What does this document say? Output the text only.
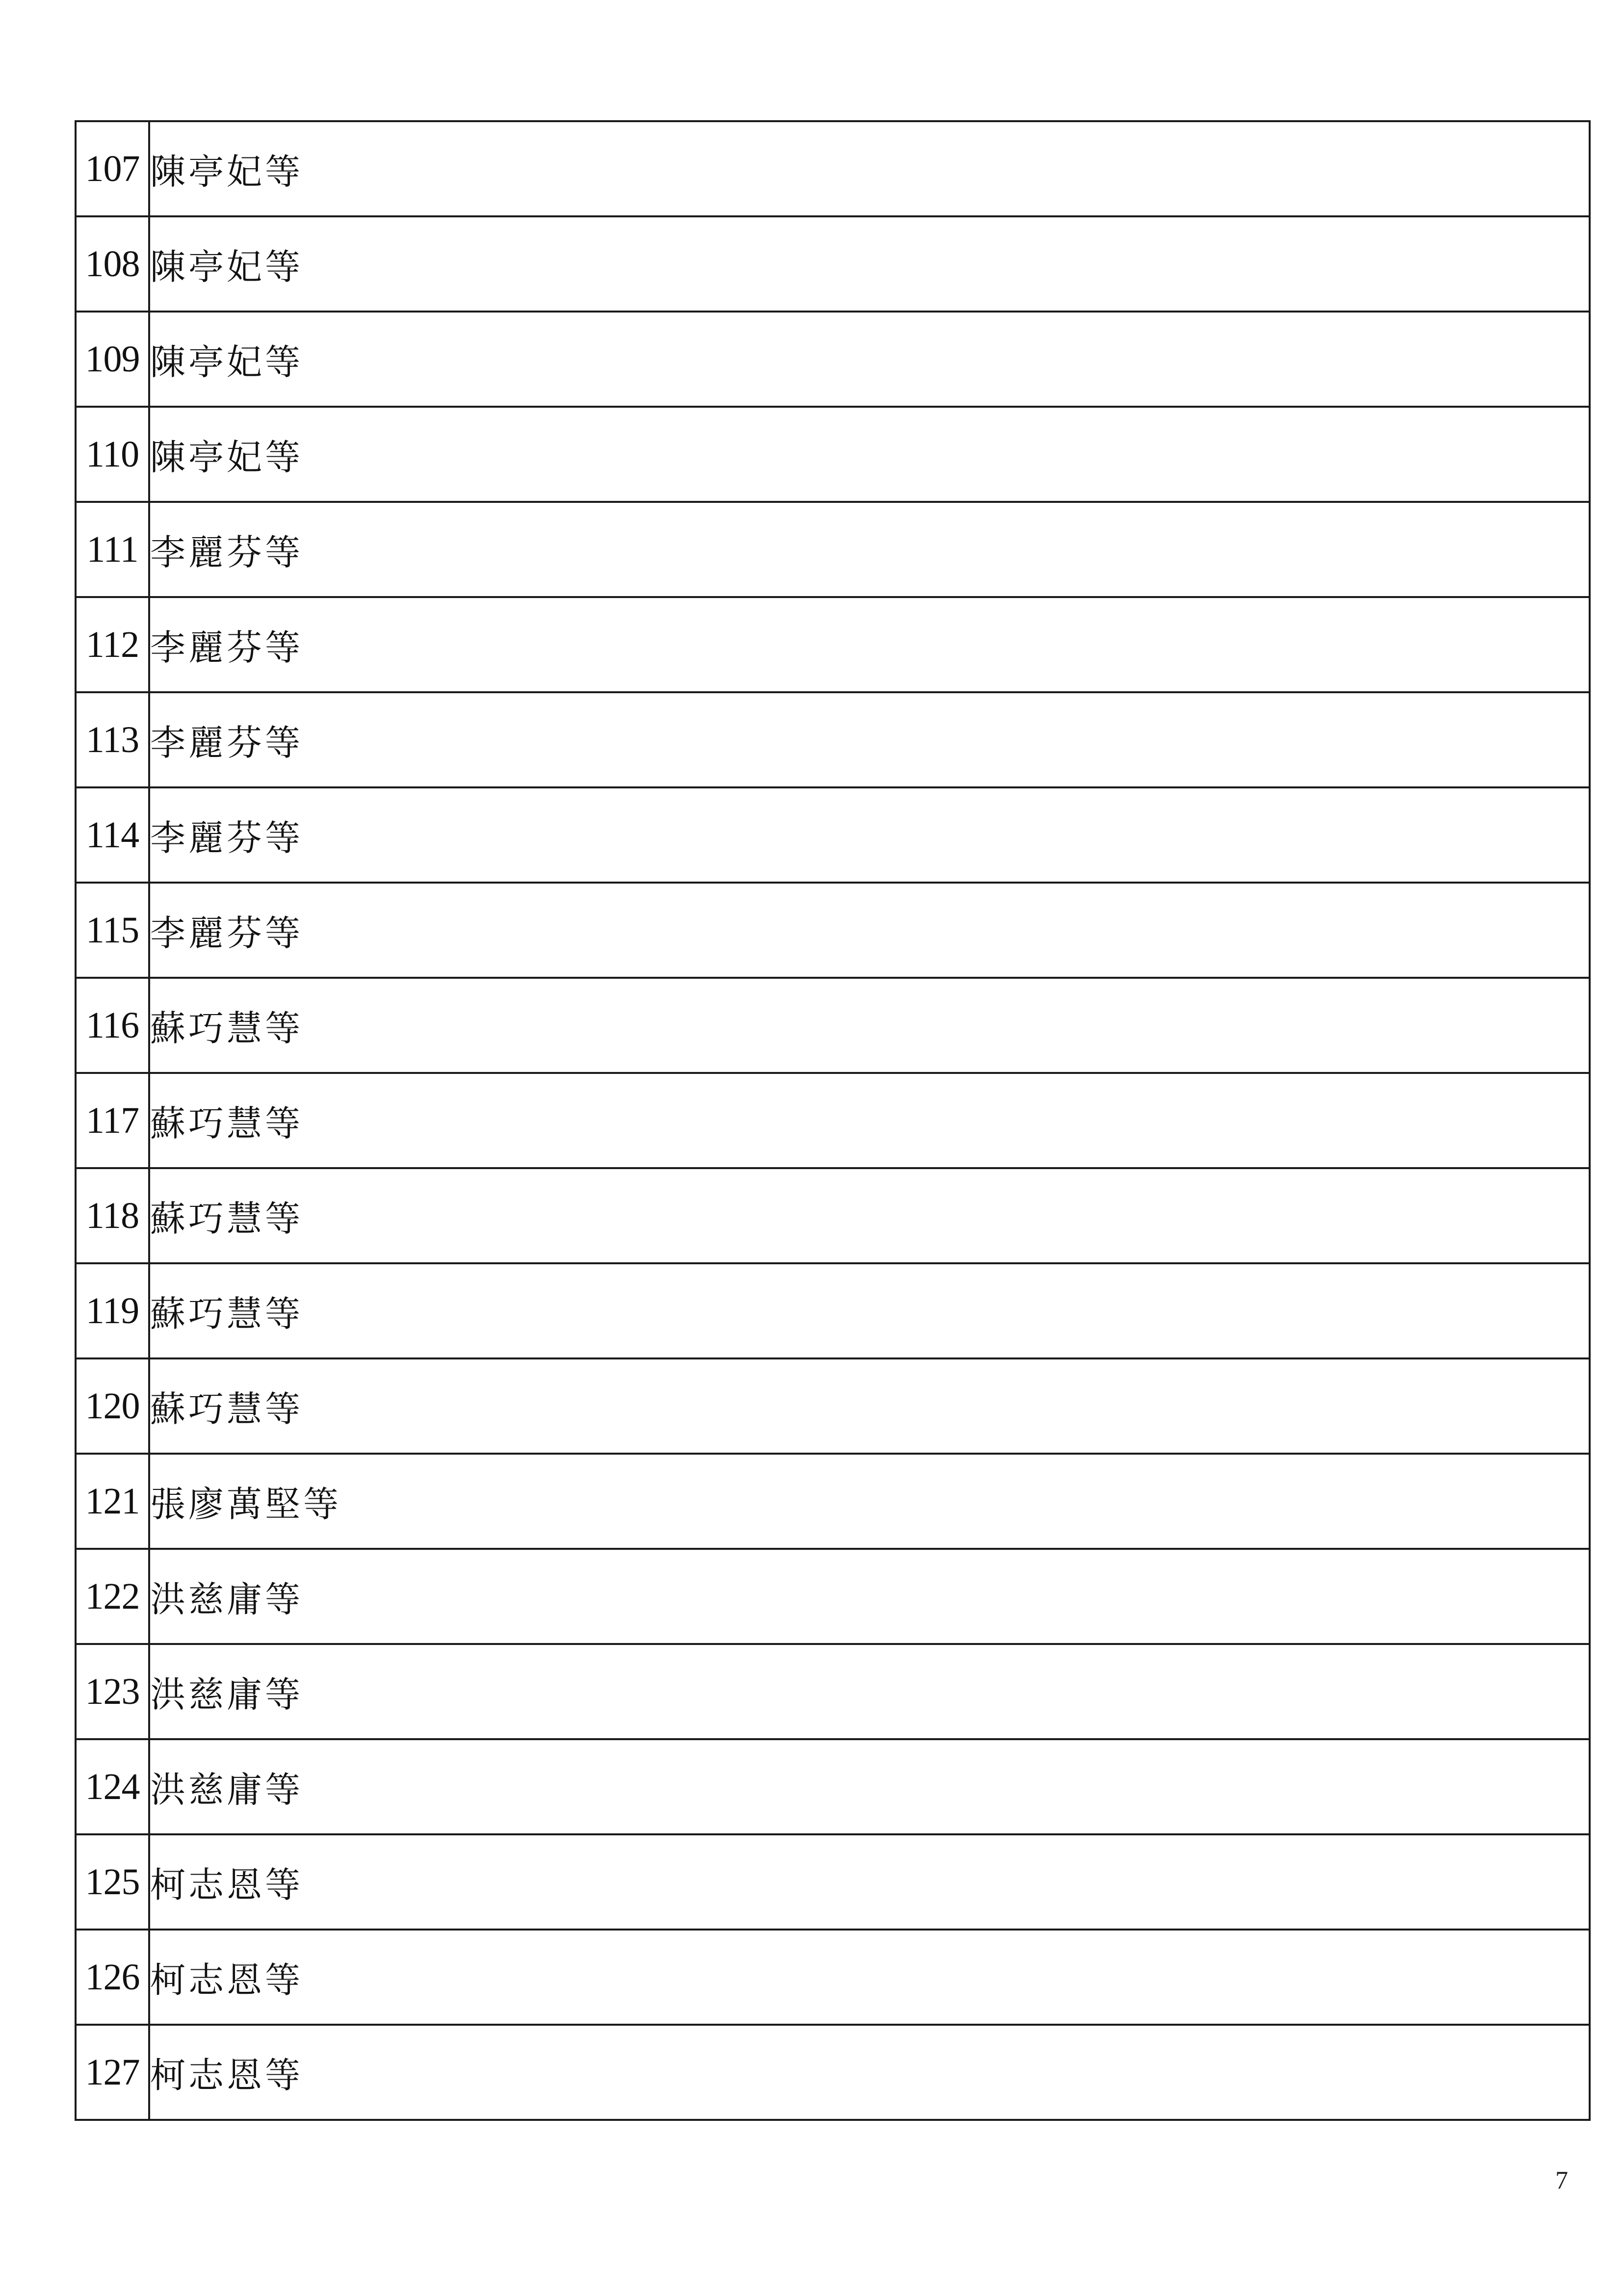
107	陳亭妃等
108	陳亭妃等
109	陳亭妃等
110	陳亭妃等
111	李麗芬等
112	李麗芬等
113	李麗芬等
114	李麗芬等
115	李麗芬等
116	蘇巧慧等
117	蘇巧慧等
118	蘇巧慧等
119	蘇巧慧等
120	蘇巧慧等
121	張廖萬堅等
122	洪慈庸等
123	洪慈庸等
124	洪慈庸等
125	柯志恩等
126	柯志恩等
127	柯志恩等
7
